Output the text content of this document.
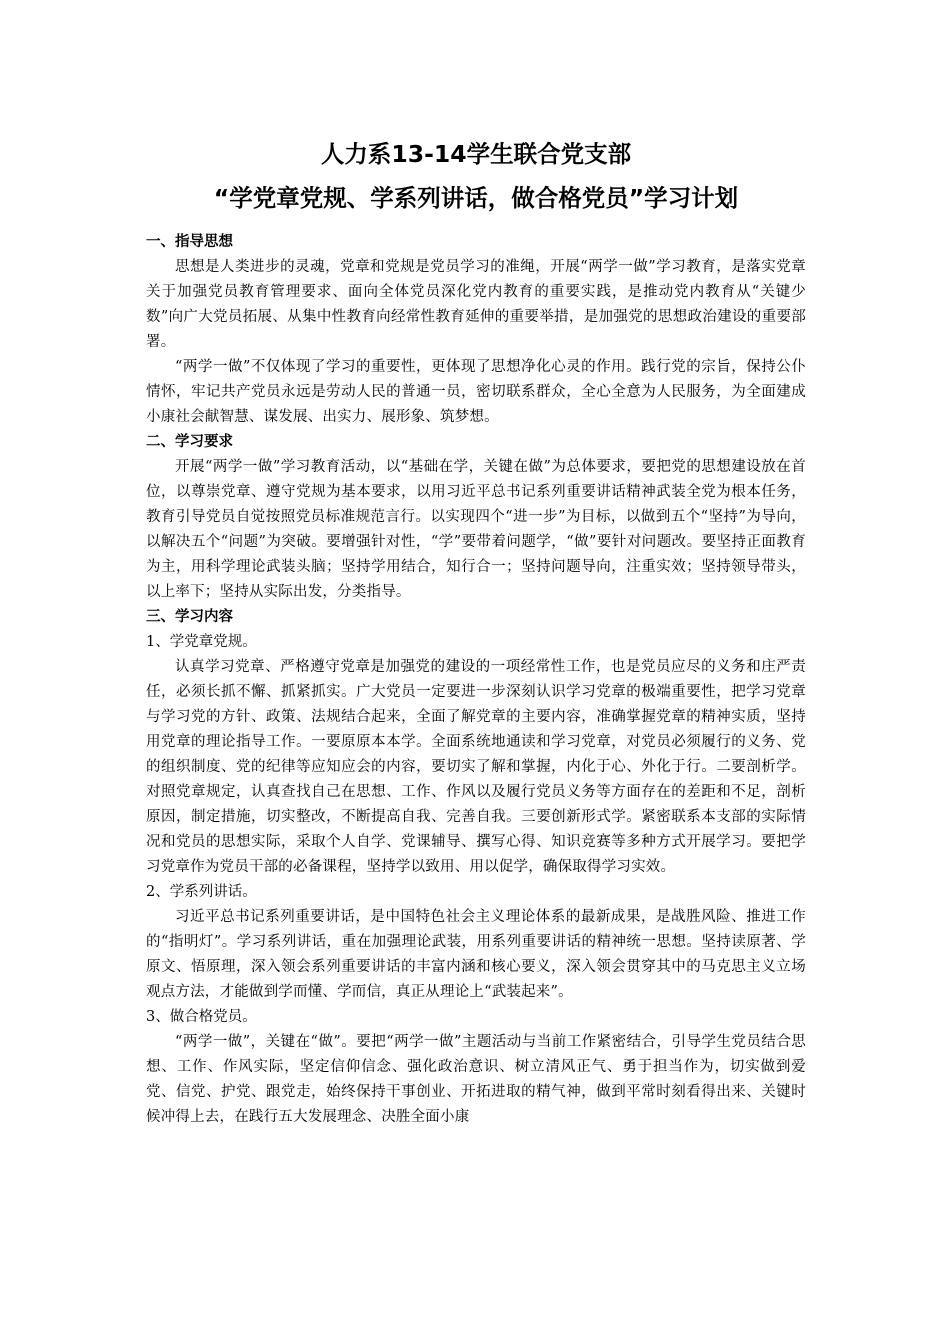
人力系13-14学生联合党支部
“学党章党规、学系列讲话，做合格党员”学习计划

一、指导思想

思想是人类进步的灵魂，党章和党规是党员学习的准绳，开展“两学一做”学习教育，是落实党章关于加强党员教育管理要求、面向全体党员深化党内教育的重要实践，是推动党内教育从“关键少数”向广大党员拓展、从集中性教育向经常性教育延伸的重要举措，是加强党的思想政治建设的重要部署。

“两学一做”不仅体现了学习的重要性，更体现了思想净化心灵的作用。践行党的宗旨，保持公仆情怀，牢记共产党员永远是劳动人民的普通一员，密切联系群众，全心全意为人民服务，为全面建成小康社会献智慧、谋发展、出实力、展形象、筑梦想。

二、学习要求

开展“两学一做”学习教育活动，以“基础在学，关键在做”为总体要求，要把党的思想建设放在首位，以尊崇党章、遵守党规为基本要求，以用习近平总书记系列重要讲话精神武装全党为根本任务，教育引导党员自觉按照党员标准规范言行。以实现四个“进一步”为目标，以做到五个“坚持”为导向，以解决五个“问题”为突破。要增强针对性，“学”要带着问题学，“做”要针对问题改。要坚持正面教育为主，用科学理论武装头脑；坚持学用结合，知行合一；坚持问题导向，注重实效；坚持领导带头，以上率下；坚持从实际出发，分类指导。

三、学习内容

1、学党章党规。

认真学习党章、严格遵守党章是加强党的建设的一项经常性工作，也是党员应尽的义务和庄严责任，必须长抓不懈、抓紧抓实。广大党员一定要进一步深刻认识学习党章的极端重要性，把学习党章与学习党的方针、政策、法规结合起来，全面了解党章的主要内容，准确掌握党章的精神实质，坚持用党章的理论指导工作。一要原原本本学。全面系统地通读和学习党章，对党员必须履行的义务、党的组织制度、党的纪律等应知应会的内容，要切实了解和掌握，内化于心、外化于行。二要剖析学。对照党章规定，认真查找自己在思想、工作、作风以及履行党员义务等方面存在的差距和不足，剖析原因，制定措施，切实整改，不断提高自我、完善自我。三要创新形式学。紧密联系本支部的实际情况和党员的思想实际，采取个人自学、党课辅导、撰写心得、知识竞赛等多种方式开展学习。要把学习党章作为党员干部的必备课程，坚持学以致用、用以促学，确保取得学习实效。

2、学系列讲话。

习近平总书记系列重要讲话，是中国特色社会主义理论体系的最新成果，是战胜风险、推进工作的“指明灯”。学习系列讲话，重在加强理论武装，用系列重要讲话的精神统一思想。坚持读原著、学原文、悟原理，深入领会系列重要讲话的丰富内涵和核心要义，深入领会贯穿其中的马克思主义立场观点方法，才能做到学而懂、学而信，真正从理论上“武装起来”。

3、做合格党员。

“两学一做”，关键在“做”。要把“两学一做”主题活动与当前工作紧密结合，引导学生党员结合思想、工作、作风实际，坚定信仰信念、强化政治意识、树立清风正气、勇于担当作为，切实做到爱党、信党、护党、跟党走，始终保持干事创业、开拓进取的精气神，做到平常时刻看得出来、关键时候冲得上去，在践行五大发展理念、决胜全面小康
